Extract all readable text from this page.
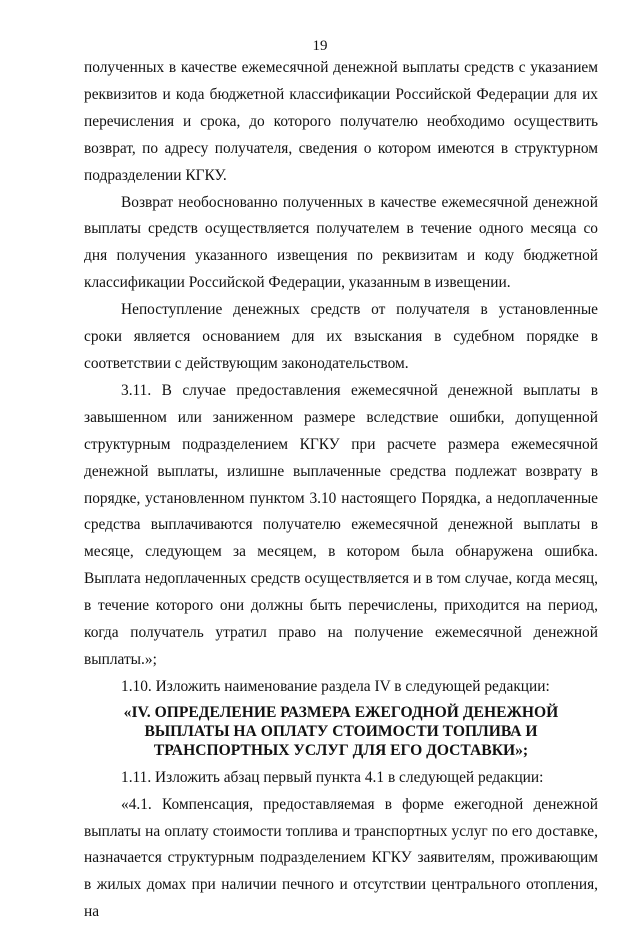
19

полученных в качестве ежемесячной денежной выплаты средств с указанием реквизитов и кода бюджетной классификации Российской Федерации для их перечисления и срока, до которого получателю необходимо осуществить возврат, по адресу получателя, сведения о котором имеются в структурном подразделении КГКУ.

Возврат необоснованно полученных в качестве ежемесячной денежной выплаты средств осуществляется получателем в течение одного месяца со дня получения указанного извещения по реквизитам и коду бюджетной классификации Российской Федерации, указанным в извещении.

Непоступление денежных средств от получателя в установленные сроки является основанием для их взыскания в судебном порядке в соответствии с действующим законодательством.

3.11. В случае предоставления ежемесячной денежной выплаты в завышенном или заниженном размере вследствие ошибки, допущенной структурным подразделением КГКУ при расчете размера ежемесячной денежной выплаты, излишне выплаченные средства подлежат возврату в порядке, установленном пунктом 3.10 настоящего Порядка, а недоплаченные средства выплачиваются получателю ежемесячной денежной выплаты в месяце, следующем за месяцем, в котором была обнаружена ошибка. Выплата недоплаченных средств осуществляется и в том случае, когда месяц, в течение которого они должны быть перечислены, приходится на период, когда получатель утратил право на получение ежемесячной денежной выплаты.»;

1.10. Изложить наименование раздела IV в следующей редакции:

«IV. ОПРЕДЕЛЕНИЕ РАЗМЕРА ЕЖЕГОДНОЙ ДЕНЕЖНОЙ
ВЫПЛАТЫ НА ОПЛАТУ СТОИМОСТИ ТОПЛИВА И
ТРАНСПОРТНЫХ УСЛУГ ДЛЯ ЕГО ДОСТАВКИ»;

1.11. Изложить абзац первый пункта 4.1 в следующей редакции:

«4.1. Компенсация, предоставляемая в форме ежегодной денежной выплаты на оплату стоимости топлива и транспортных услуг по его доставке, назначается структурным подразделением КГКУ заявителям, проживающим в жилых домах при наличии печного и отсутствии центрального отопления, на
